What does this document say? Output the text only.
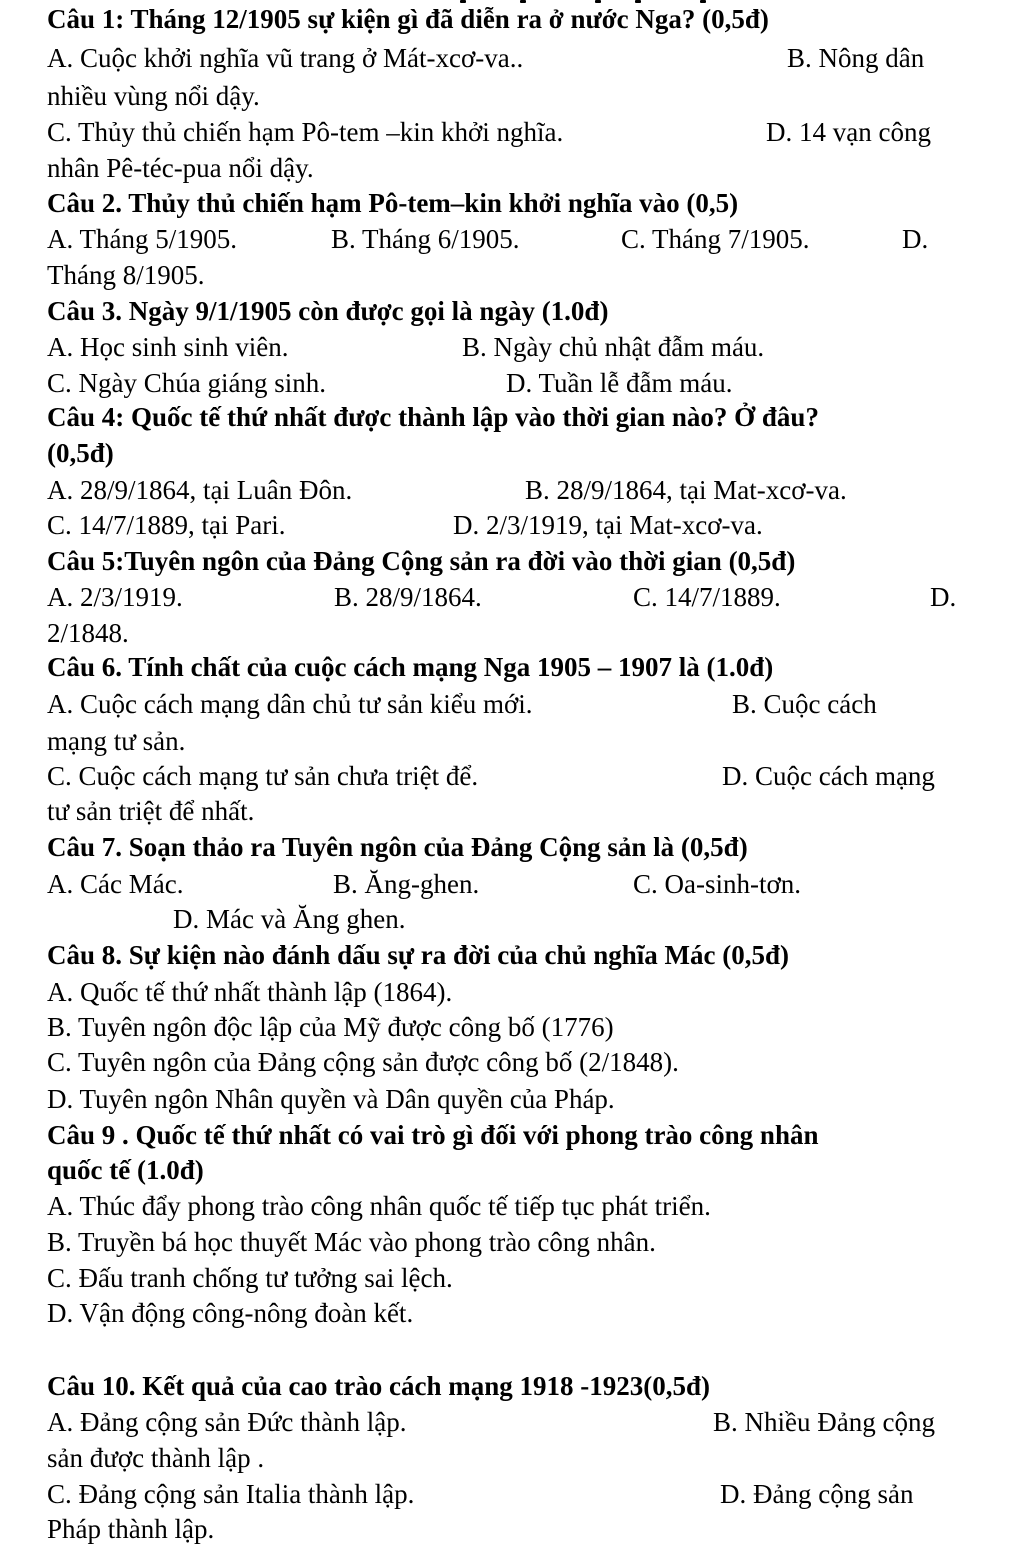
Câu 1: Tháng 12/1905 sự kiện gì đã diễn ra ở nước Nga? (0,5đ)
A. Cuộc khởi nghĩa vũ trang ở Mát-xcơ-va..	B. Nông dân
nhiều vùng nổi dậy.
C. Thủy thủ chiến hạm Pô-tem –kin khởi nghĩa.	D. 14 vạn công
nhân Pê-téc-pua nổi dậy.
Câu 2. Thủy thủ chiến hạm Pô-tem–kin khởi nghĩa vào (0,5)
A. Tháng 5/1905.	B. Tháng 6/1905.	C. Tháng 7/1905.	D.
Tháng 8/1905.
Câu 3. Ngày 9/1/1905 còn được gọi là ngày (1.0đ)
A. Học sinh sinh viên.	B. Ngày chủ nhật đẫm máu.
C. Ngày Chúa giáng sinh.	D. Tuần lễ đẫm máu.
Câu 4: Quốc tế thứ nhất được thành lập vào thời gian nào? Ở đâu?
(0,5đ)
A. 28/9/1864, tại Luân Đôn.	B. 28/9/1864, tại Mat-xcơ-va.
C. 14/7/1889, tại Pari.	D. 2/3/1919, tại Mat-xcơ-va.
Câu 5:Tuyên ngôn của Đảng Cộng sản ra đời vào thời gian (0,5đ)
A. 2/3/1919.	B. 28/9/1864.	C. 14/7/1889.	D.
2/1848.
Câu 6. Tính chất của cuộc cách mạng Nga 1905 – 1907 là (1.0đ)
A. Cuộc cách mạng dân chủ tư sản kiểu mới.	B. Cuộc cách
mạng tư sản.
C. Cuộc cách mạng tư sản chưa triệt để.	D. Cuộc cách mạng
tư sản triệt để nhất.
Câu 7. Soạn thảo ra Tuyên ngôn của Đảng Cộng sản là (0,5đ)
A. Các Mác.	B. Ăng-ghen.	C. Oa-sinh-tơn.
D. Mác và Ăng ghen.
Câu 8. Sự kiện nào đánh dấu sự ra đời của chủ nghĩa Mác (0,5đ)
A. Quốc tế thứ nhất thành lập (1864).
B. Tuyên ngôn độc lập của Mỹ được công bố (1776)
C. Tuyên ngôn của Đảng cộng sản được công bố (2/1848).
D. Tuyên ngôn Nhân quyền và Dân quyền của Pháp.
Câu 9 . Quốc tế thứ nhất có vai trò gì đối với phong trào công nhân
quốc tế (1.0đ)
A. Thúc đẩy phong trào công nhân quốc tế tiếp tục phát triển.
B. Truyền bá học thuyết Mác vào phong trào công nhân.
C. Đấu tranh chống tư tưởng sai lệch.
D. Vận động công-nông đoàn kết.
Câu 10. Kết quả của cao trào cách mạng 1918 -1923(0,5đ)
A. Đảng cộng sản Đức thành lập.	B. Nhiều Đảng cộng
sản được thành lập .
C. Đảng cộng sản Italia thành lập.	D. Đảng cộng sản
Pháp thành lập.
